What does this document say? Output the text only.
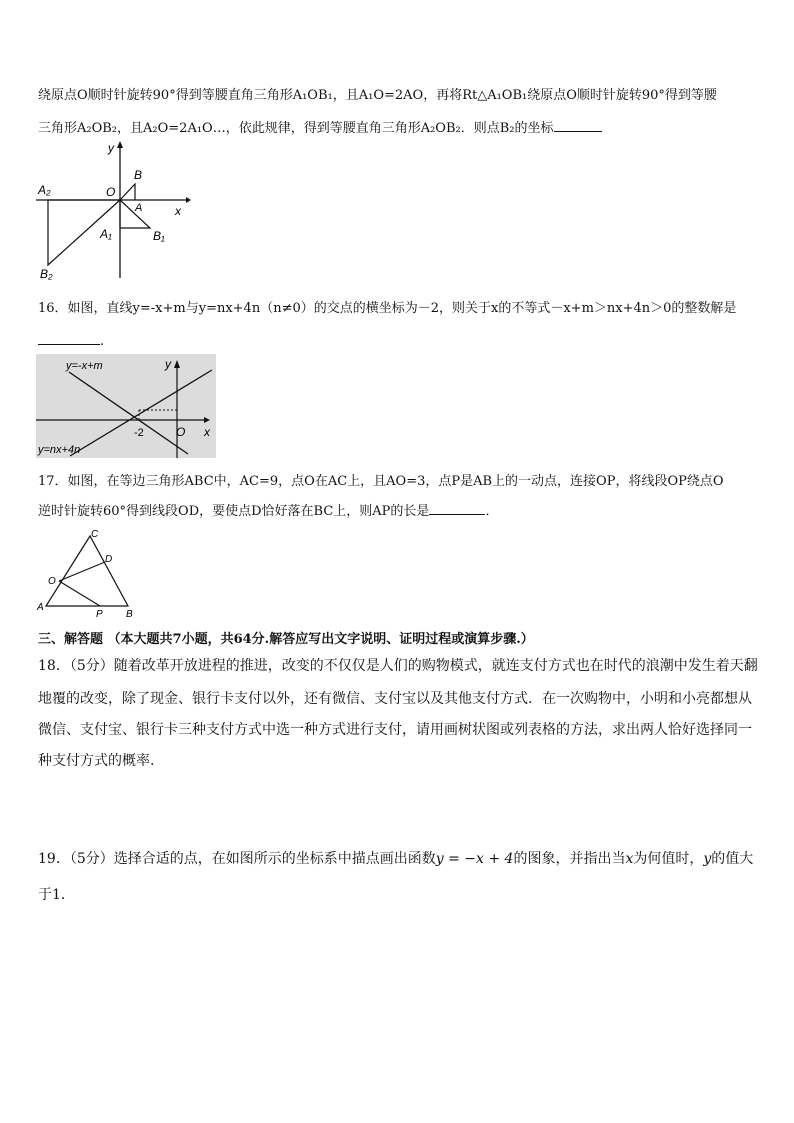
绕原点O顺时针旋转90°得到等腰直角三角形A₁OB₁，且A₁O=2AO，再将Rt△A₁OB₁绕原点O顺时针旋转90°得到等腰
三角形A₂OB₂，且A₂O=2A₁O…，依此规律，得到等腰直角三角形A₂OB₂．则点B₂的坐标
y
x
O
B
A
A₁	B₁
A₂
B₂
16．如图，直线y=-x+m与y=nx+4n（n≠0）的交点的横坐标为－2，则关于x的不等式－x+m＞nx+4n＞0的整数解是
.
y=-x+m
y=nx+4n
y
x
O
-2
17．如图，在等边三角形ABC中，AC=9，点O在AC上，且AO=3，点P是AB上的一动点，连接OP，将线段OP绕点O
逆时针旋转60°得到线段OD，要使点D恰好落在BC上，则AP的长是	．
C
D
O
A
P B
三、解答题 （本大题共7小题，共64分.解答应写出文字说明、证明过程或演算步骤.）
18．（5分）随着改革开放进程的推进，改变的不仅仅是人们的购物模式，就连支付方式也在时代的浪潮中发生着天翻
地覆的改变，除了现金、银行卡支付以外，还有微信、支付宝以及其他支付方式．在一次购物中，小明和小亮都想从
微信、支付宝、银行卡三种支付方式中选一种方式进行支付，请用画树状图或列表格的方法，求出两人恰好选择同一
种支付方式的概率.
19．（5分）选择合适的点，在如图所示的坐标系中描点画出函数y = −x + 4的图象，并指出当x为何值时，y的值大
于1．
